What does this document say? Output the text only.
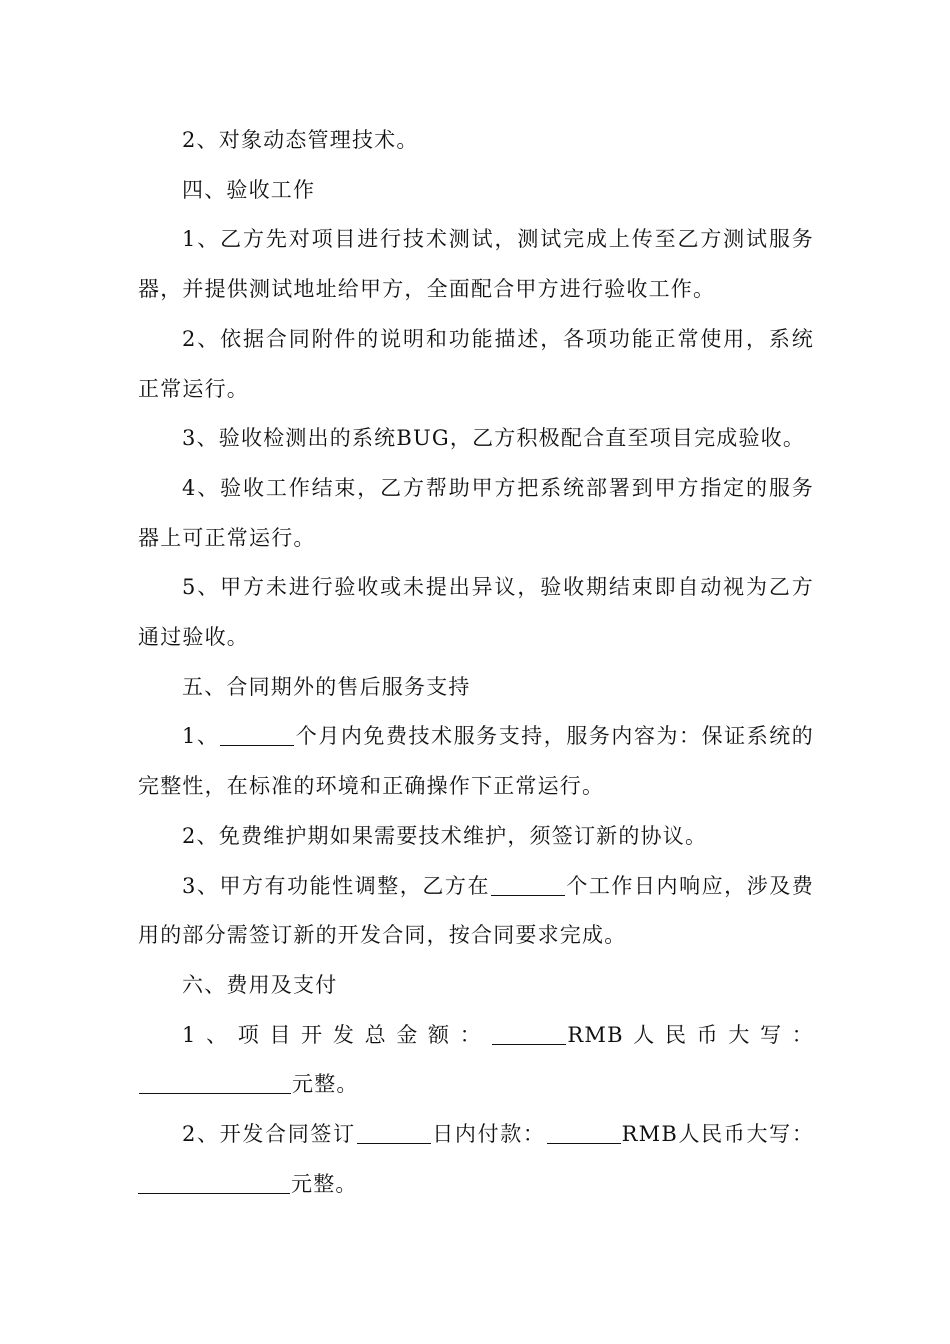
2、对象动态管理技术。

四、验收工作

1、乙方先对项目进行技术测试，测试完成上传至乙方测试服务器，并提供测试地址给甲方，全面配合甲方进行验收工作。

2、依据合同附件的说明和功能描述，各项功能正常使用，系统正常运行。

3、验收检测出的系统BUG，乙方积极配合直至项目完成验收。

4、验收工作结束，乙方帮助甲方把系统部署到甲方指定的服务器上可正常运行。

5、甲方未进行验收或未提出异议，验收期结束即自动视为乙方通过验收。

五、合同期外的售后服务支持

1、	个月内免费技术服务支持，服务内容为：保证系统的完整性，在标准的环境和正确操作下正常运行。

2、免费维护期如果需要技术维护，须签订新的协议。

3、甲方有功能性调整，乙方在	个工作日内响应，涉及费用的部分需签订新的开发合同，按合同要求完成。

六、费用及支付

1、项目开发总金额：	RMB人民币大写：元整。

2、开发合同签订	日内付款：	RMB人民币大写：元整。
